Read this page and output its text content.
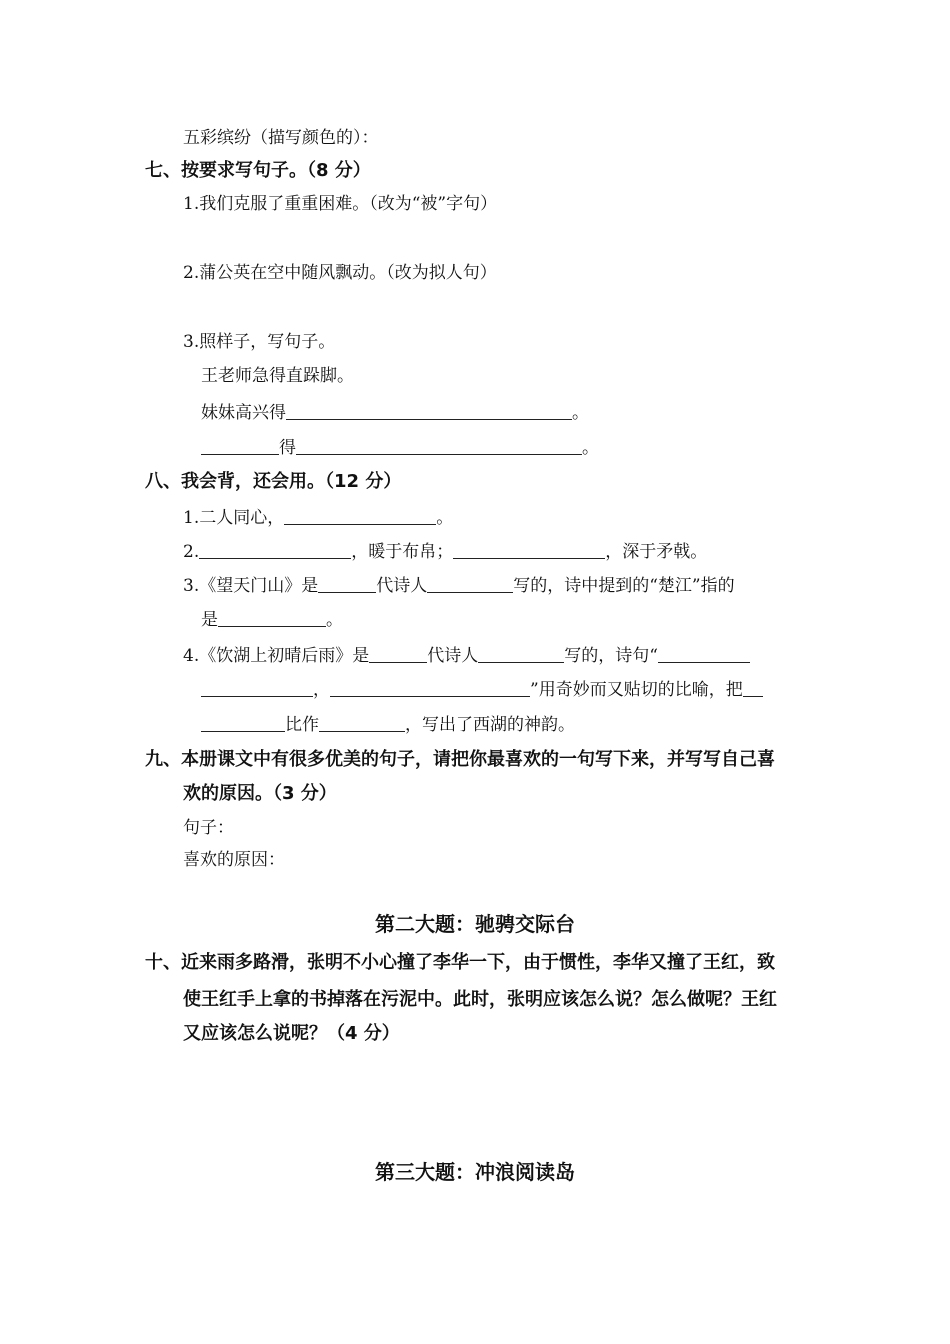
五彩缤纷（描写颜色的）：
七、按要求写句子。（8 分）
1.我们克服了重重困难。（改为“被”字句）
2.蒲公英在空中随风飘动。（改为拟人句）
3.照样子，写句子。
王老师急得直跺脚。
妹妹高兴得	。
得	。
八、我会背，还会用。（12 分）
1.二人同心，	。
2.	，暖于布帛；	，深于矛戟。
3.《望天门山》是	代诗人	写的，诗中提到的“楚江”指的
是	。
4.《饮湖上初晴后雨》是	代诗人	写的，诗句“
，	”用奇妙而又贴切的比喻，把
比作	，写出了西湖的神韵。
九、本册课文中有很多优美的句子，请把你最喜欢的一句写下来，并写写自己喜
欢的原因。（3 分）
句子：
喜欢的原因：
第二大题：驰骋交际台
十、近来雨多路滑，张明不小心撞了李华一下，由于惯性，李华又撞了王红，致
使王红手上拿的书掉落在污泥中。此时，张明应该怎么说？怎么做呢？王红
又应该怎么说呢？（4 分）
第三大题：冲浪阅读岛
